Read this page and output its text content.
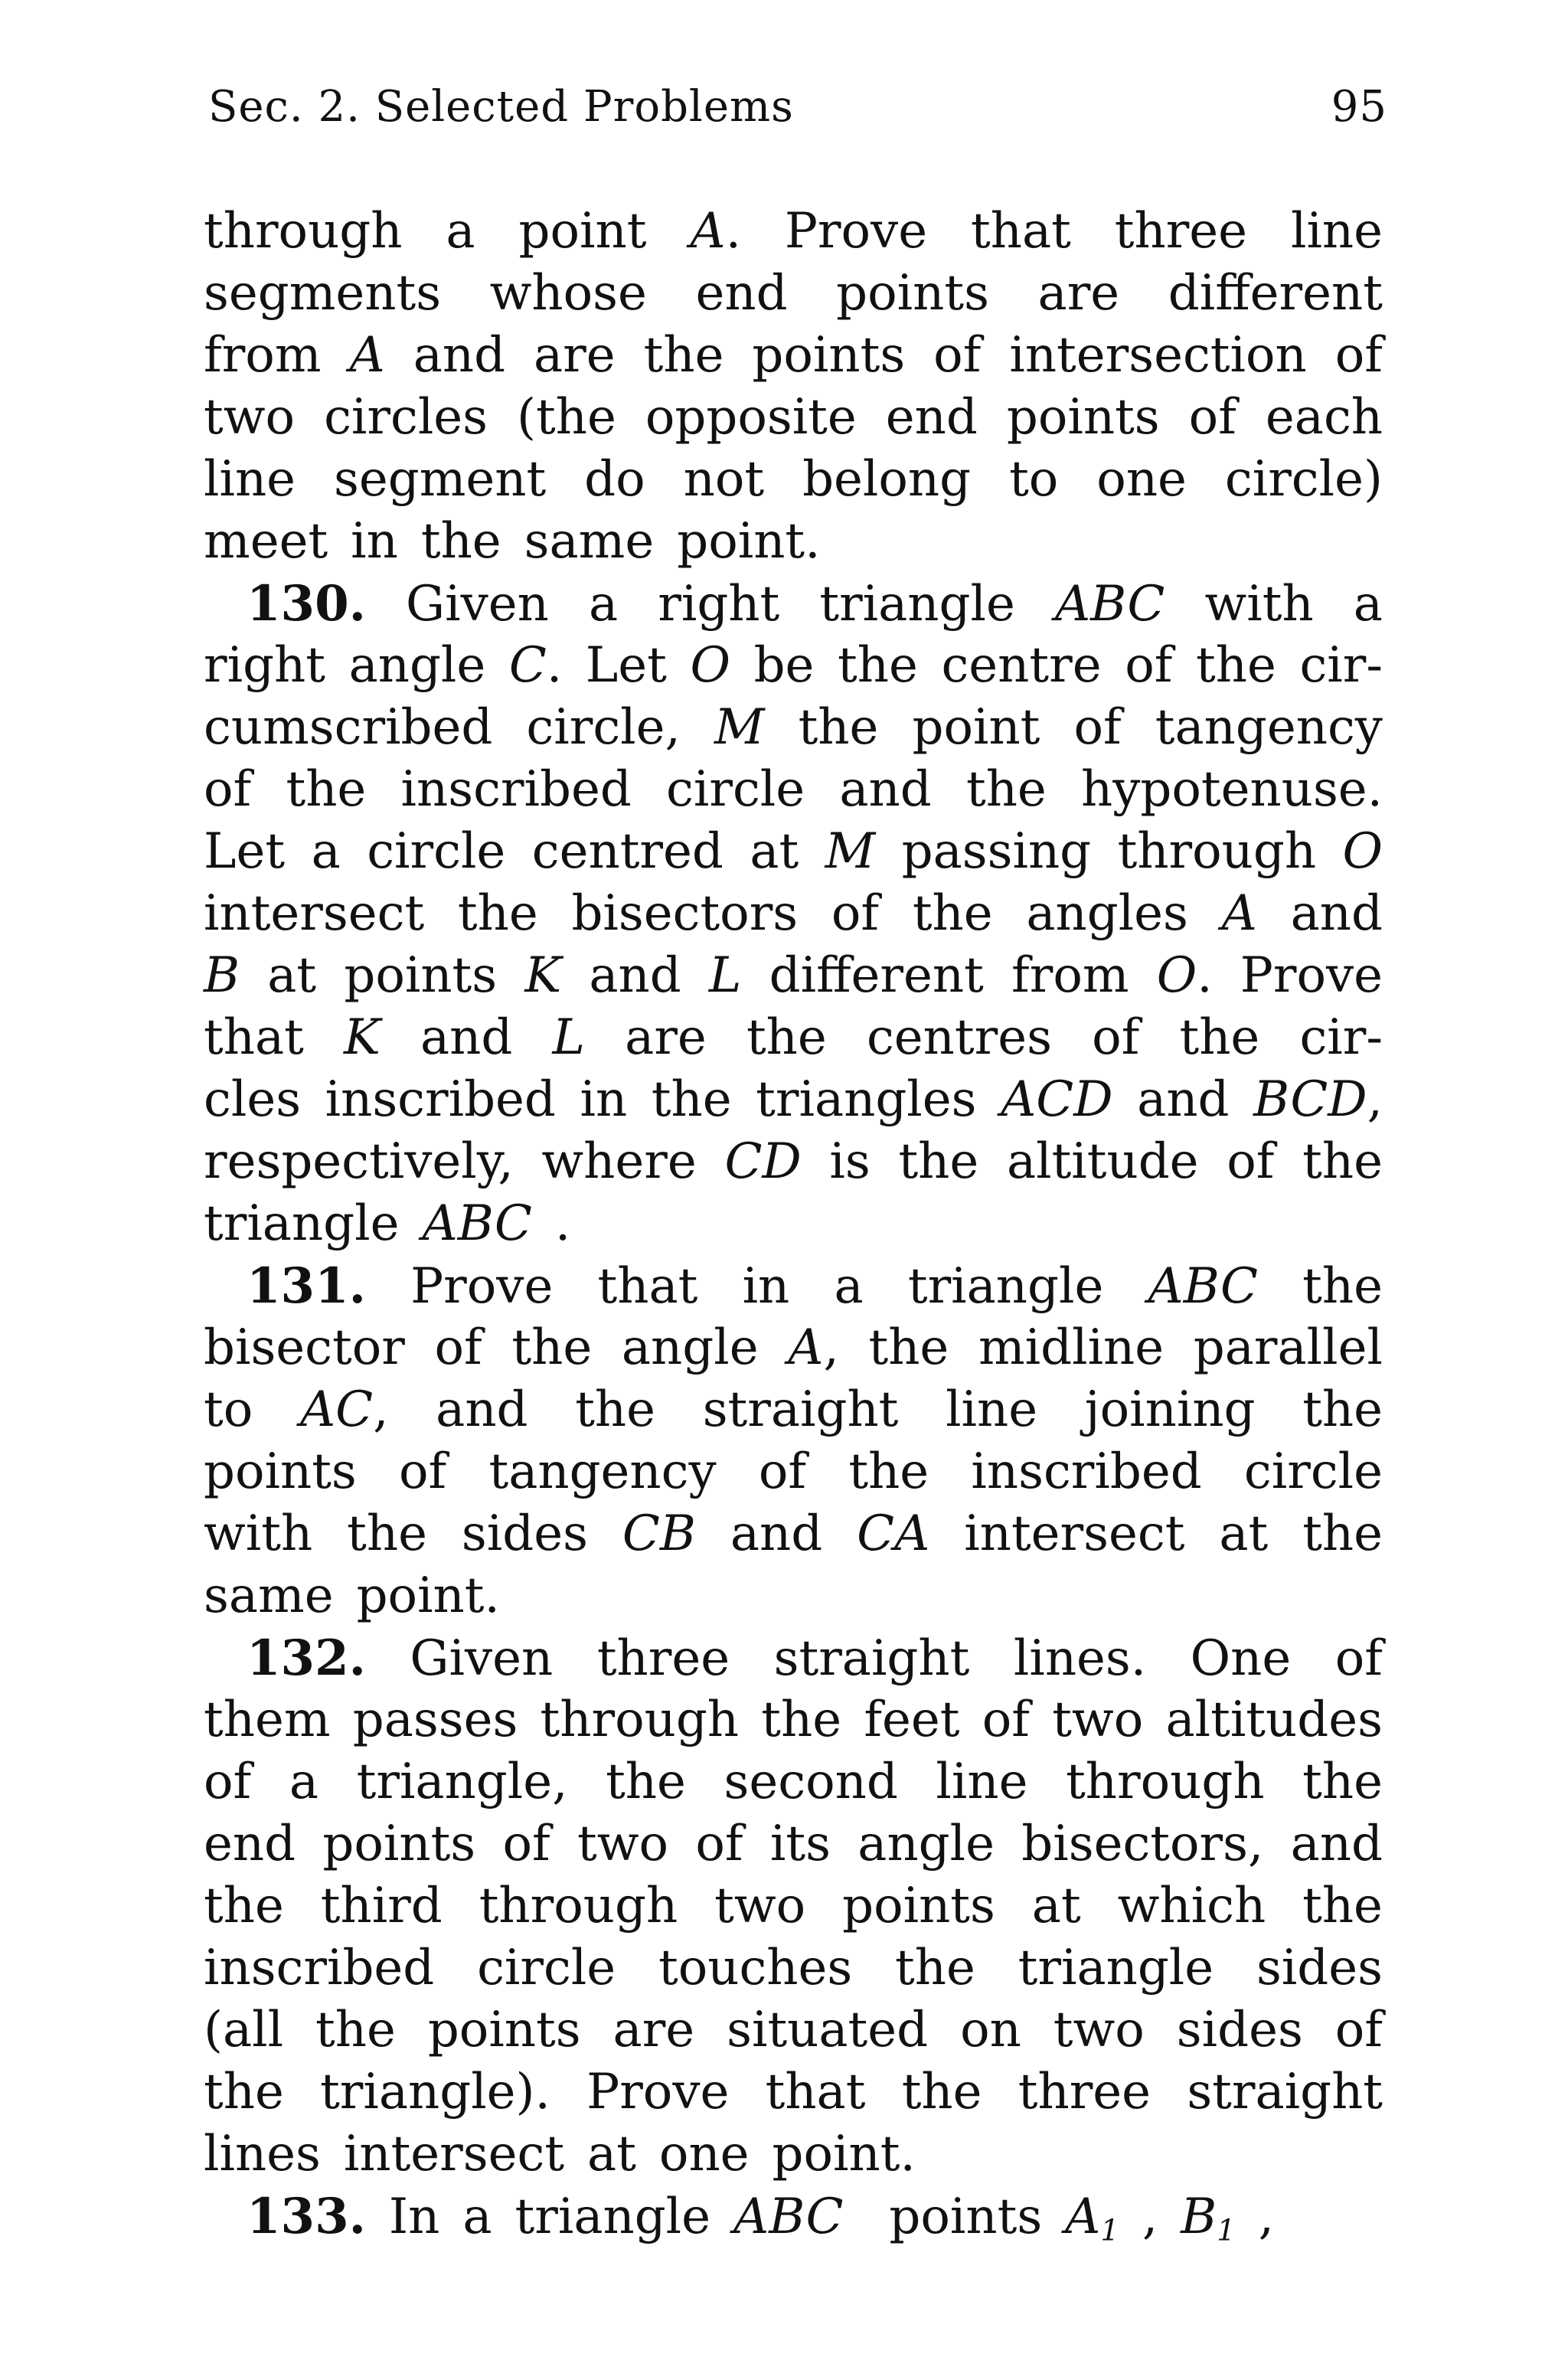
Sec. 2. Selected Problems	95
through a point A. Prove that three line
segments whose end points are different
from A and are the points of intersection of
two circles (the opposite end points of each
line segment do not belong to one circle)
meet in the same point.
130. Given a right triangle ABC with a
right angle C. Let O be the centre of the cir-
cumscribed circle, M the point of tangency
of the inscribed circle and the hypotenuse.
Let a circle centred at M passing through O
intersect the bisectors of the angles A and
B at points K and L different from O. Prove
that K and L are the centres of the cir-
cles inscribed in the triangles ACD and BCD,
respectively, where CD is the altitude of the
triangle ABC .
131. Prove that in a triangle ABC the
bisector of the angle A, the midline parallel
to AC, and the straight line joining the
points of tangency of the inscribed circle
with the sides CB and CA intersect at the
same point.
132. Given three straight lines. One of
them passes through the feet of two altitudes
of a triangle, the second line through the
end points of two of its angle bisectors, and
the third through two points at which the
inscribed circle touches the triangle sides
(all the points are situated on two sides of
the triangle). Prove that the three straight
lines intersect at one point.
133. In a triangle ABC points $A_1$ , $B_1$ ,
